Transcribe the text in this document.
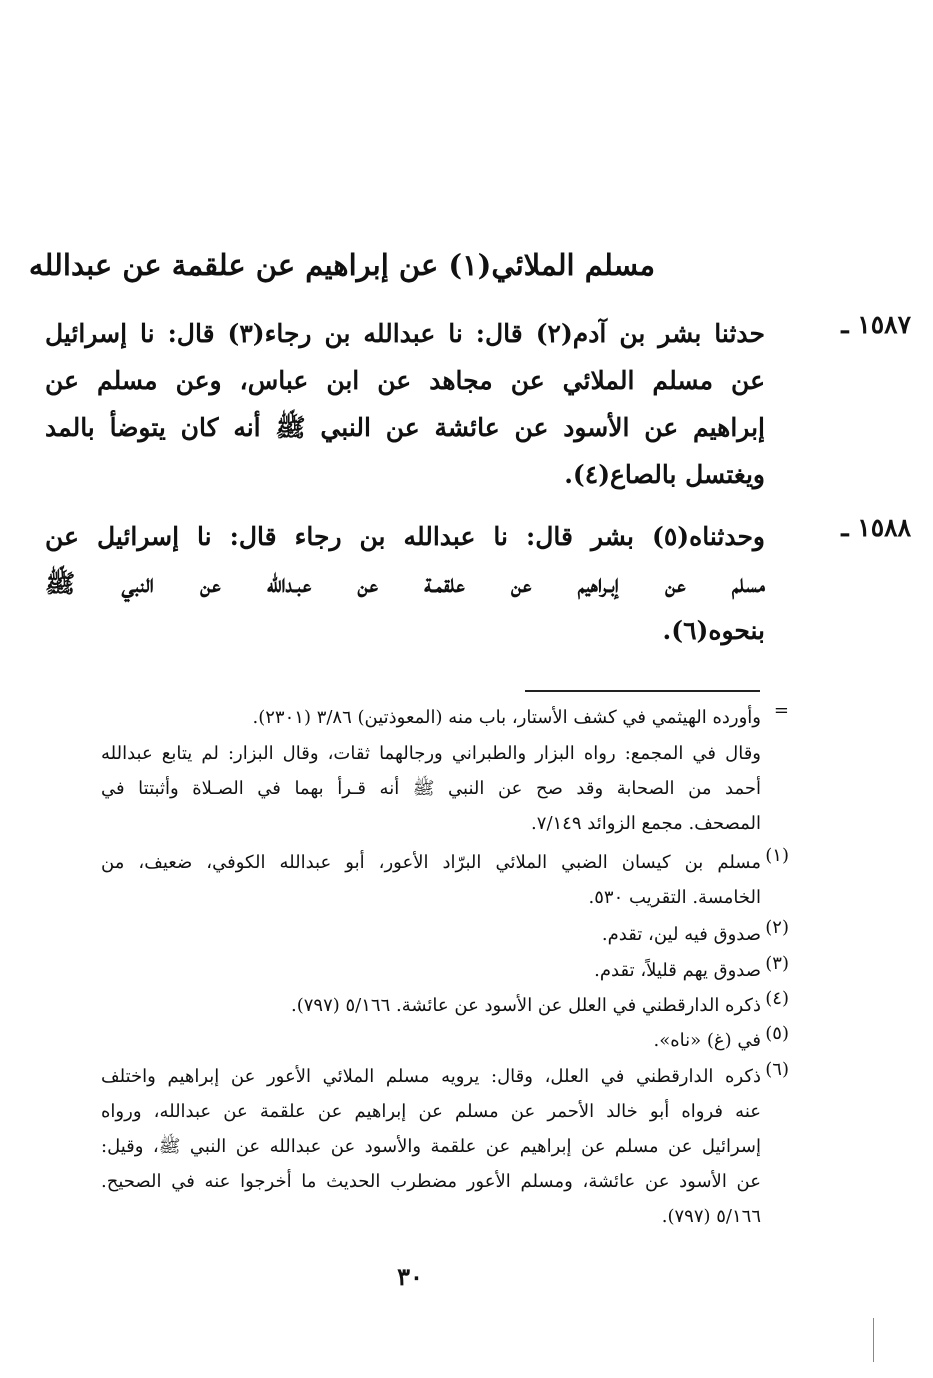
مسلم الملائي(١) عن إبراهيم عن علقمة عن عبدالله
١٥٨٧ ـ
حدثنا بشر بن آدم(٢) قال: نا عبدالله بن رجاء(٣) قال: نا إسرائيل
عن مسلم الملائي عن مجاهد عن ابن عباس، وعن مسلم عن
إبراهيم عن الأسود عن عائشة عن النبي ﷺ أنه كان يتوضأ بالمد
ويغتسل بالصاع(٤).
١٥٨٨ ـ
وحدثناه(٥) بشر قال: نا عبدالله بن رجاء قال: نا إسرائيل عن
مسلم عن إبـراهيم عن علقمـة عن عبـدالله عن النبي ﷺ
بنحوه(٦).
=
وأورده الهيثمي في كشف الأستار، باب منه (المعوذتين) ٣/٨٦ (٢٣٠١).
وقال في المجمع: رواه البزار والطبراني ورجالهما ثقات، وقال البزار: لم يتابع عبدالله
أحمد من الصحابة وقد صح عن النبي ﷺ أنه قـرأ بهما في الصـلاة وأثبتتا في
المصحف. مجمع الزوائد ٧/١٤٩.
(١)
مسلم بن كيسان الضبي الملائي البرّاد الأعور، أبو عبدالله الكوفي، ضعيف، من
الخامسة. التقريب ٥٣٠.
(٢)
صدوق فيه لين، تقدم.
(٣)
صدوق يهم قليلاً، تقدم.
(٤)
ذكره الدارقطني في العلل عن الأسود عن عائشة. ٥/١٦٦ (٧٩٧).
(٥)
في (غ) «ناه».
(٦)
ذكره الدارقطني في العلل، وقال: يرويه مسلم الملائي الأعور عن إبراهيم واختلف
عنه فرواه أبو خالد الأحمر عن مسلم عن إبراهيم عن علقمة عن عبدالله، ورواه
إسرائيل عن مسلم عن إبراهيم عن علقمة والأسود عن عبدالله عن النبي ﷺ، وقيل:
عن الأسود عن عائشة، ومسلم الأعور مضطرب الحديث ما أخرجوا عنه في الصحيح.
٥/١٦٦ (٧٩٧).
٣٠
